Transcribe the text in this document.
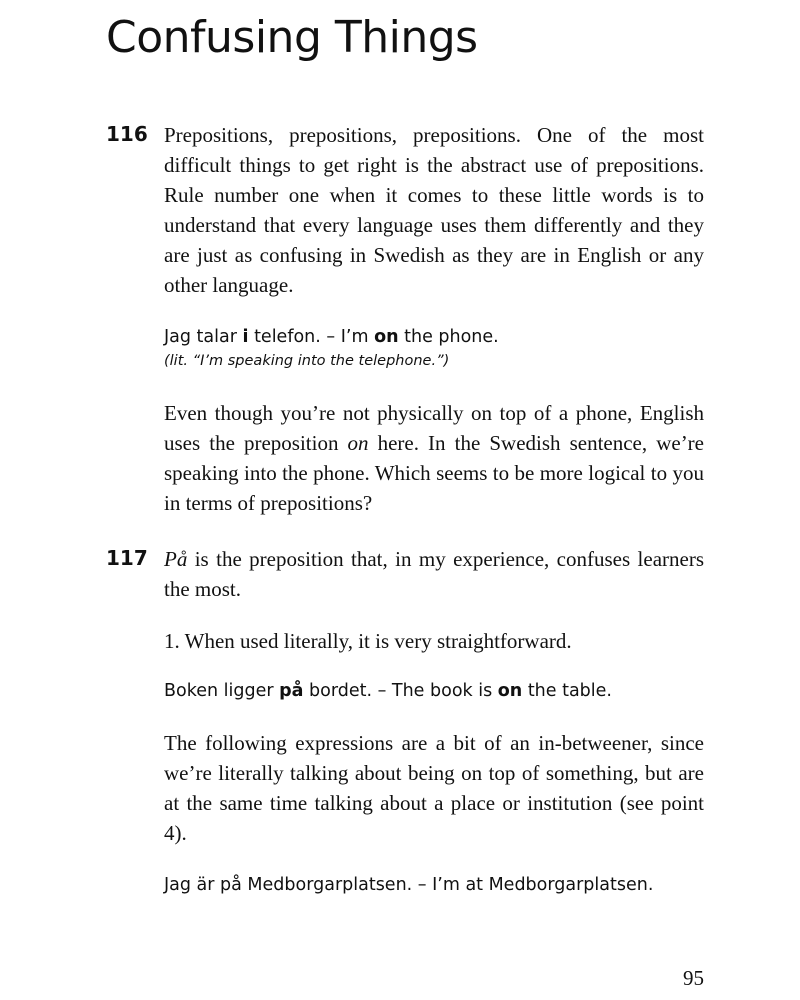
Confusing Things
116 Prepositions, prepositions, prepositions. One of the most difficult things to get right is the abstract use of prepositions. Rule number one when it comes to these little words is to understand that every language uses them differently and they are just as confusing in Swedish as they are in English or any other language.

Jag talar i telefon. – I’m on the phone.

(lit. “I’m speaking into the telephone.”)

Even though you’re not physically on top of a phone, English uses the preposition on here. In the Swedish sentence, we’re speaking into the phone. Which seems to be more logical to you in terms of prepositions?

117 På is the preposition that, in my experience, confuses learners the most.

1. When used literally, it is very straightforward.

Boken ligger på bordet. – The book is on the table.

The following expressions are a bit of an in-betweener, since we’re literally talking about being on top of something, but are at the same time talking about a place or institution (see point 4).

Jag är på Medborgarplatsen. – I’m at Medborgarplatsen.

95
